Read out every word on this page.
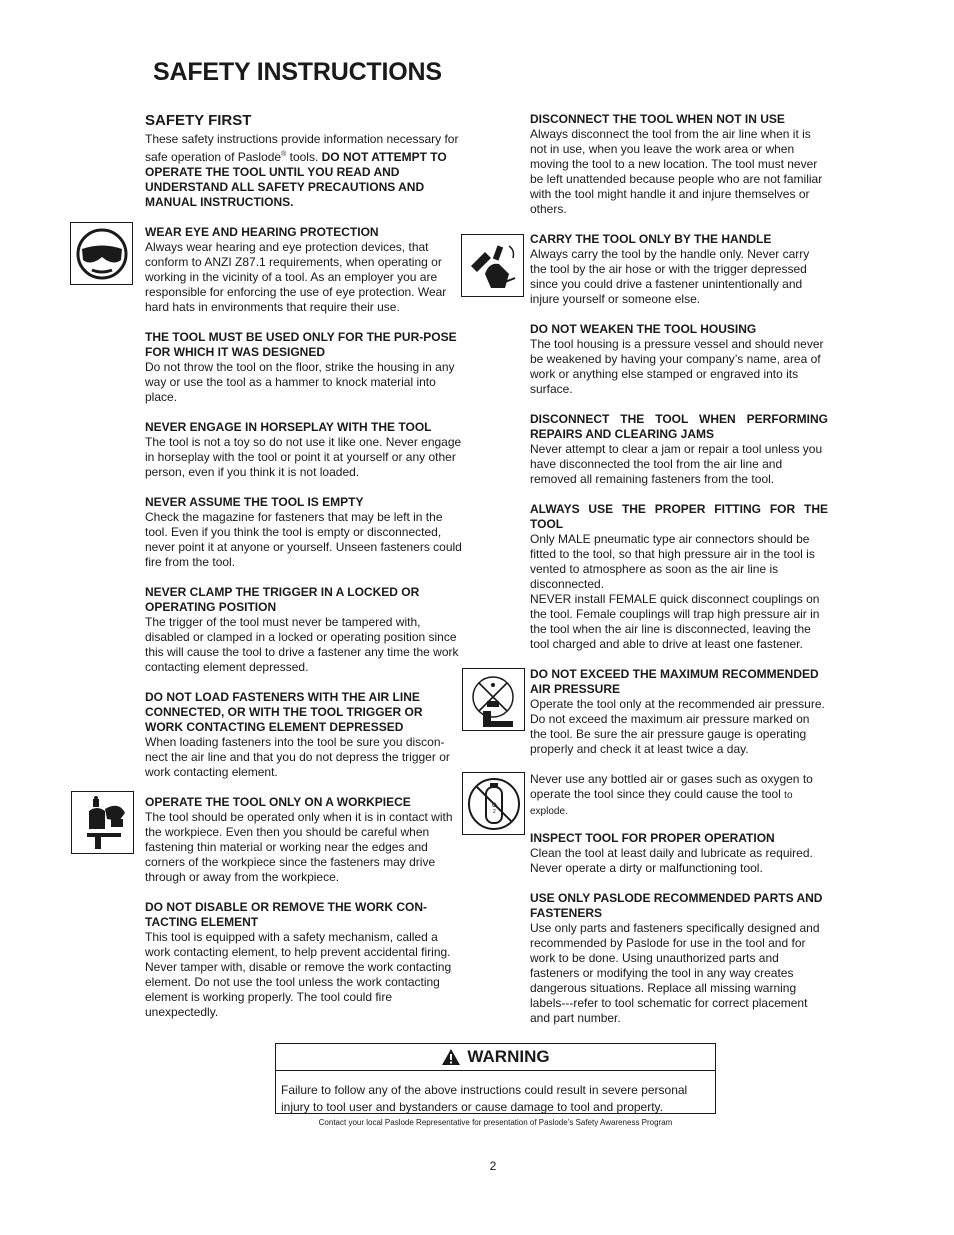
SAFETY INSTRUCTIONS
SAFETY FIRST

These safety instructions provide information necessary for safe operation of Paslode® tools. DO NOT ATTEMPT TO OPERATE THE TOOL UNTIL YOU READ AND UNDERSTAND ALL SAFETY PRECAUTIONS AND MANUAL INSTRUCTIONS.

WEAR EYE AND HEARING PROTECTION

Always wear hearing and eye protection devices, that conform to ANZI Z87.1 requirements, when operating or working in the vicinity of a tool. As an employer you are responsible for enforcing the use of eye protection. Wear hard hats in environments that require their use.

THE TOOL MUST BE USED ONLY FOR THE PUR-POSE FOR WHICH IT WAS DESIGNED

Do not throw the tool on the floor, strike the housing in any way or use the tool as a hammer to knock material into place.

NEVER ENGAGE IN HORSEPLAY WITH THE TOOL

The tool is not a toy so do not use it like one. Never engage in horseplay with the tool or point it at yourself or any other person, even if you think it is not loaded.

NEVER ASSUME THE TOOL IS EMPTY

Check the magazine for fasteners that may be left in the tool. Even if you think the tool is empty or disconnected, never point it at anyone or yourself. Unseen fasteners could fire from the tool.

NEVER CLAMP THE TRIGGER IN A LOCKED OR OPERATING POSITION

The trigger of the tool must never be tampered with, disabled or clamped in a locked or operating position since this will cause the tool to drive a fastener any time the work contacting element depressed.

DO NOT LOAD FASTENERS WITH THE AIR LINE CONNECTED, OR WITH THE TOOL TRIGGER OR WORK CONTACTING ELEMENT DEPRESSED

When loading fasteners into the tool be sure you discon-nect the air line and that you do not depress the trigger or work contacting element.

OPERATE THE TOOL ONLY ON A WORKPIECE

The tool should be operated only when it is in contact with the workpiece. Even then you should be careful when fastening thin material or working near the edges and corners of the workpiece since the fasteners may drive through or away from the workpiece.

DO NOT DISABLE OR REMOVE THE WORK CON-TACTING ELEMENT

This tool is equipped with a safety mechanism, called a work contacting element, to help prevent accidental firing. Never tamper with, disable or remove the work contacting element. Do not use the tool unless the work contacting element is working properly. The tool could fire unexpectedly.

DISCONNECT THE TOOL WHEN NOT IN USE

Always disconnect the tool from the air line when it is not in use, when you leave the work area or when moving the tool to a new location. The tool must never be left unattended because people who are not familiar with the tool might handle it and injure themselves or others.

CARRY THE TOOL ONLY BY THE HANDLE

Always carry the tool by the handle only. Never carry the tool by the air hose or with the trigger depressed since you could drive a fastener unintentionally and injure yourself or someone else.

DO NOT WEAKEN THE TOOL HOUSING

The tool housing is a pressure vessel and should never be weakened by having your company’s name, area of work or anything else stamped or engraved into its surface.

DISCONNECT THE TOOL WHEN PERFORMING REPAIRS AND CLEARING JAMS

Never attempt to clear a jam or repair a tool unless you have disconnected the tool from the air line and removed all remaining fasteners from the tool.

ALWAYS USE THE PROPER FITTING FOR THE TOOL

Only MALE pneumatic type air connectors should be fitted to the tool, so that high pressure air in the tool is vented to atmosphere as soon as the air line is disconnected.

NEVER install FEMALE quick disconnect couplings on the tool. Female couplings will trap high pressure air in the tool when the air line is disconnected, leaving the tool charged and able to drive at least one fastener.

DO NOT EXCEED THE MAXIMUM RECOMMENDED AIR PRESSURE

Operate the tool only at the recommended air pressure. Do not exceed the maximum air pressure marked on the tool. Be sure the air pressure gauge is operating properly and check it at least twice a day.

Never use any bottled air or gases such as oxygen to operate the tool since they could cause the tool to explode.

INSPECT TOOL FOR PROPER OPERATION

Clean the tool at least daily and lubricate as required. Never operate a dirty or malfunctioning tool.

USE ONLY PASLODE RECOMMENDED PARTS AND FASTENERS

Use only parts and fasteners specifically designed and recommended by Paslode for use in the tool and for work to be done. Using unauthorized parts and fasteners or modifying the tool in any way creates dangerous situations. Replace all missing warning labels---refer to tool schematic for correct placement and part number.

O
2
WARNING
Failure to follow any of the above instructions could result in severe personal injury to tool user and bystanders or cause damage to tool and property.
Contact your local Paslode Representative for presentation of Paslode’s Safety Awareness Program
2
